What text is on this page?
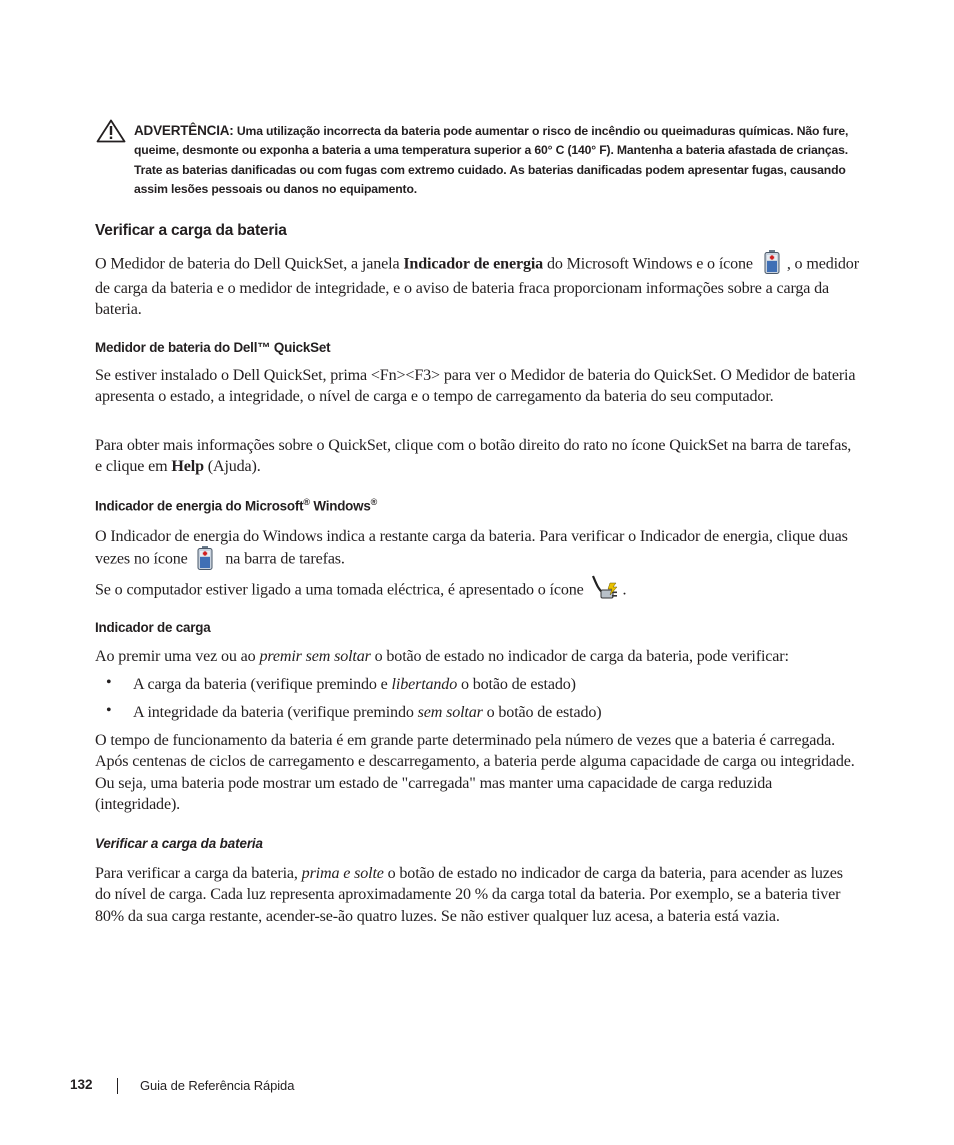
ADVERTÊNCIA: Uma utilização incorrecta da bateria pode aumentar o risco de incêndio ou queimaduras químicas. Não fure, queime, desmonte ou exponha a bateria a uma temperatura superior a 60° C (140° F). Mantenha a bateria afastada de crianças. Trate as baterias danificadas ou com fugas com extremo cuidado. As baterias danificadas podem apresentar fugas, causando assim lesões pessoais ou danos no equipamento.
Verificar a carga da bateria
O Medidor de bateria do Dell QuickSet, a janela Indicador de energia do Microsoft Windows e o ícone , o medidor de carga da bateria e o medidor de integridade, e o aviso de bateria fraca proporcionam informações sobre a carga da bateria.
Medidor de bateria do Dell™ QuickSet
Se estiver instalado o Dell QuickSet, prima <Fn><F3> para ver o Medidor de bateria do QuickSet. O Medidor de bateria apresenta o estado, a integridade, o nível de carga e o tempo de carregamento da bateria do seu computador.
Para obter mais informações sobre o QuickSet, clique com o botão direito do rato no ícone QuickSet na barra de tarefas, e clique em Help (Ajuda).
Indicador de energia do Microsoft® Windows®
O Indicador de energia do Windows indica a restante carga da bateria. Para verificar o Indicador de energia, clique duas vezes no ícone  na barra de tarefas.
Se o computador estiver ligado a uma tomada eléctrica, é apresentado o ícone .
Indicador de carga
Ao premir uma vez ou ao premir sem soltar o botão de estado no indicador de carga da bateria, pode verificar:
• A carga da bateria (verifique premindo e libertando o botão de estado)
• A integridade da bateria (verifique premindo sem soltar o botão de estado)
O tempo de funcionamento da bateria é em grande parte determinado pela número de vezes que a bateria é carregada. Após centenas de ciclos de carregamento e descarregamento, a bateria perde alguma capacidade de carga ou integridade. Ou seja, uma bateria pode mostrar um estado de "carregada" mas manter uma capacidade de carga reduzida (integridade).
Verificar a carga da bateria
Para verificar a carga da bateria, prima e solte o botão de estado no indicador de carga da bateria, para acender as luzes do nível de carga. Cada luz representa aproximadamente 20 % da carga total da bateria. Por exemplo, se a bateria tiver 80% da sua carga restante, acender-se-ão quatro luzes. Se não estiver qualquer luz acesa, a bateria está vazia.
132	Guia de Referência Rápida
